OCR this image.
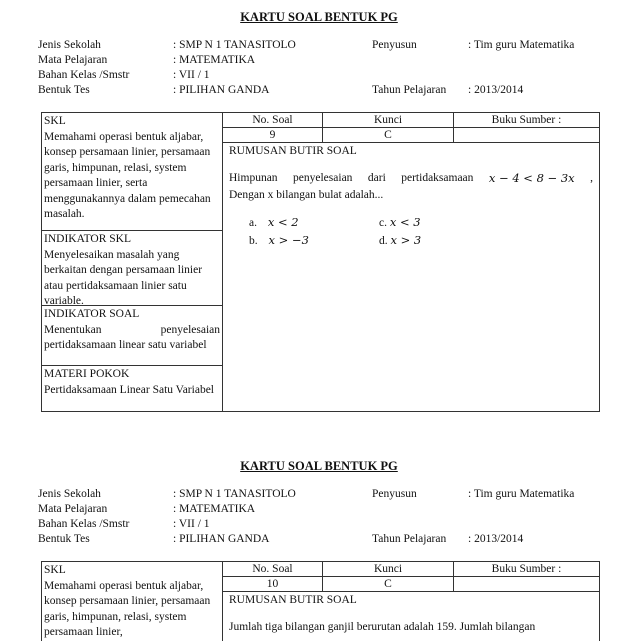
KARTU SOAL BENTUK PG

Jenis Sekolah	: SMP N 1 TANASITOLO	Penyusun	: Tim guru Matematika
Mata Pelajaran	: MATEMATIKA
Bahan Kelas /Smstr	: VII / 1
Bentuk Tes	: PILIHAN GANDA	Tahun Pelajaran : 2013/2014
SKL
Memahami operasi bentuk aljabar, konsep persamaan linier, persamaan garis, himpunan, relasi, system persamaan linier, serta menggunakannya dalam pemecahan masalah.
INDIKATOR SKL
Menyelesaikan masalah yang berkaitan dengan persamaan linier atau pertidaksamaan linier satu variable.
INDIKATOR SOAL
Menentukan penyelesaian pertidaksamaan linear satu variabel
MATERI POKOK
Pertidaksamaan Linear Satu Variabel
No. Soal	Kunci	Buku Sumber :
9	C
RUMUSAN BUTIR SOAL
Himpunan penyelesaian dari pertidaksamaan x − 4 < 8 − 3x ,
Dengan x bilangan bulat adalah...
a. x < 2	c. x < 3
b. x > −3	d. x > 3

KARTU SOAL BENTUK PG

Jenis Sekolah	: SMP N 1 TANASITOLO	Penyusun	: Tim guru Matematika
Mata Pelajaran	: MATEMATIKA
Bahan Kelas /Smstr	: VII / 1
Bentuk Tes	: PILIHAN GANDA	Tahun Pelajaran : 2013/2014
SKL
Memahami operasi bentuk aljabar, konsep persamaan linier, persamaan garis, himpunan, relasi, system persamaan linier,
No. Soal	Kunci	Buku Sumber :
10	C
RUMUSAN BUTIR SOAL
Jumlah tiga bilangan ganjil berurutan adalah 159. Jumlah bilangan
